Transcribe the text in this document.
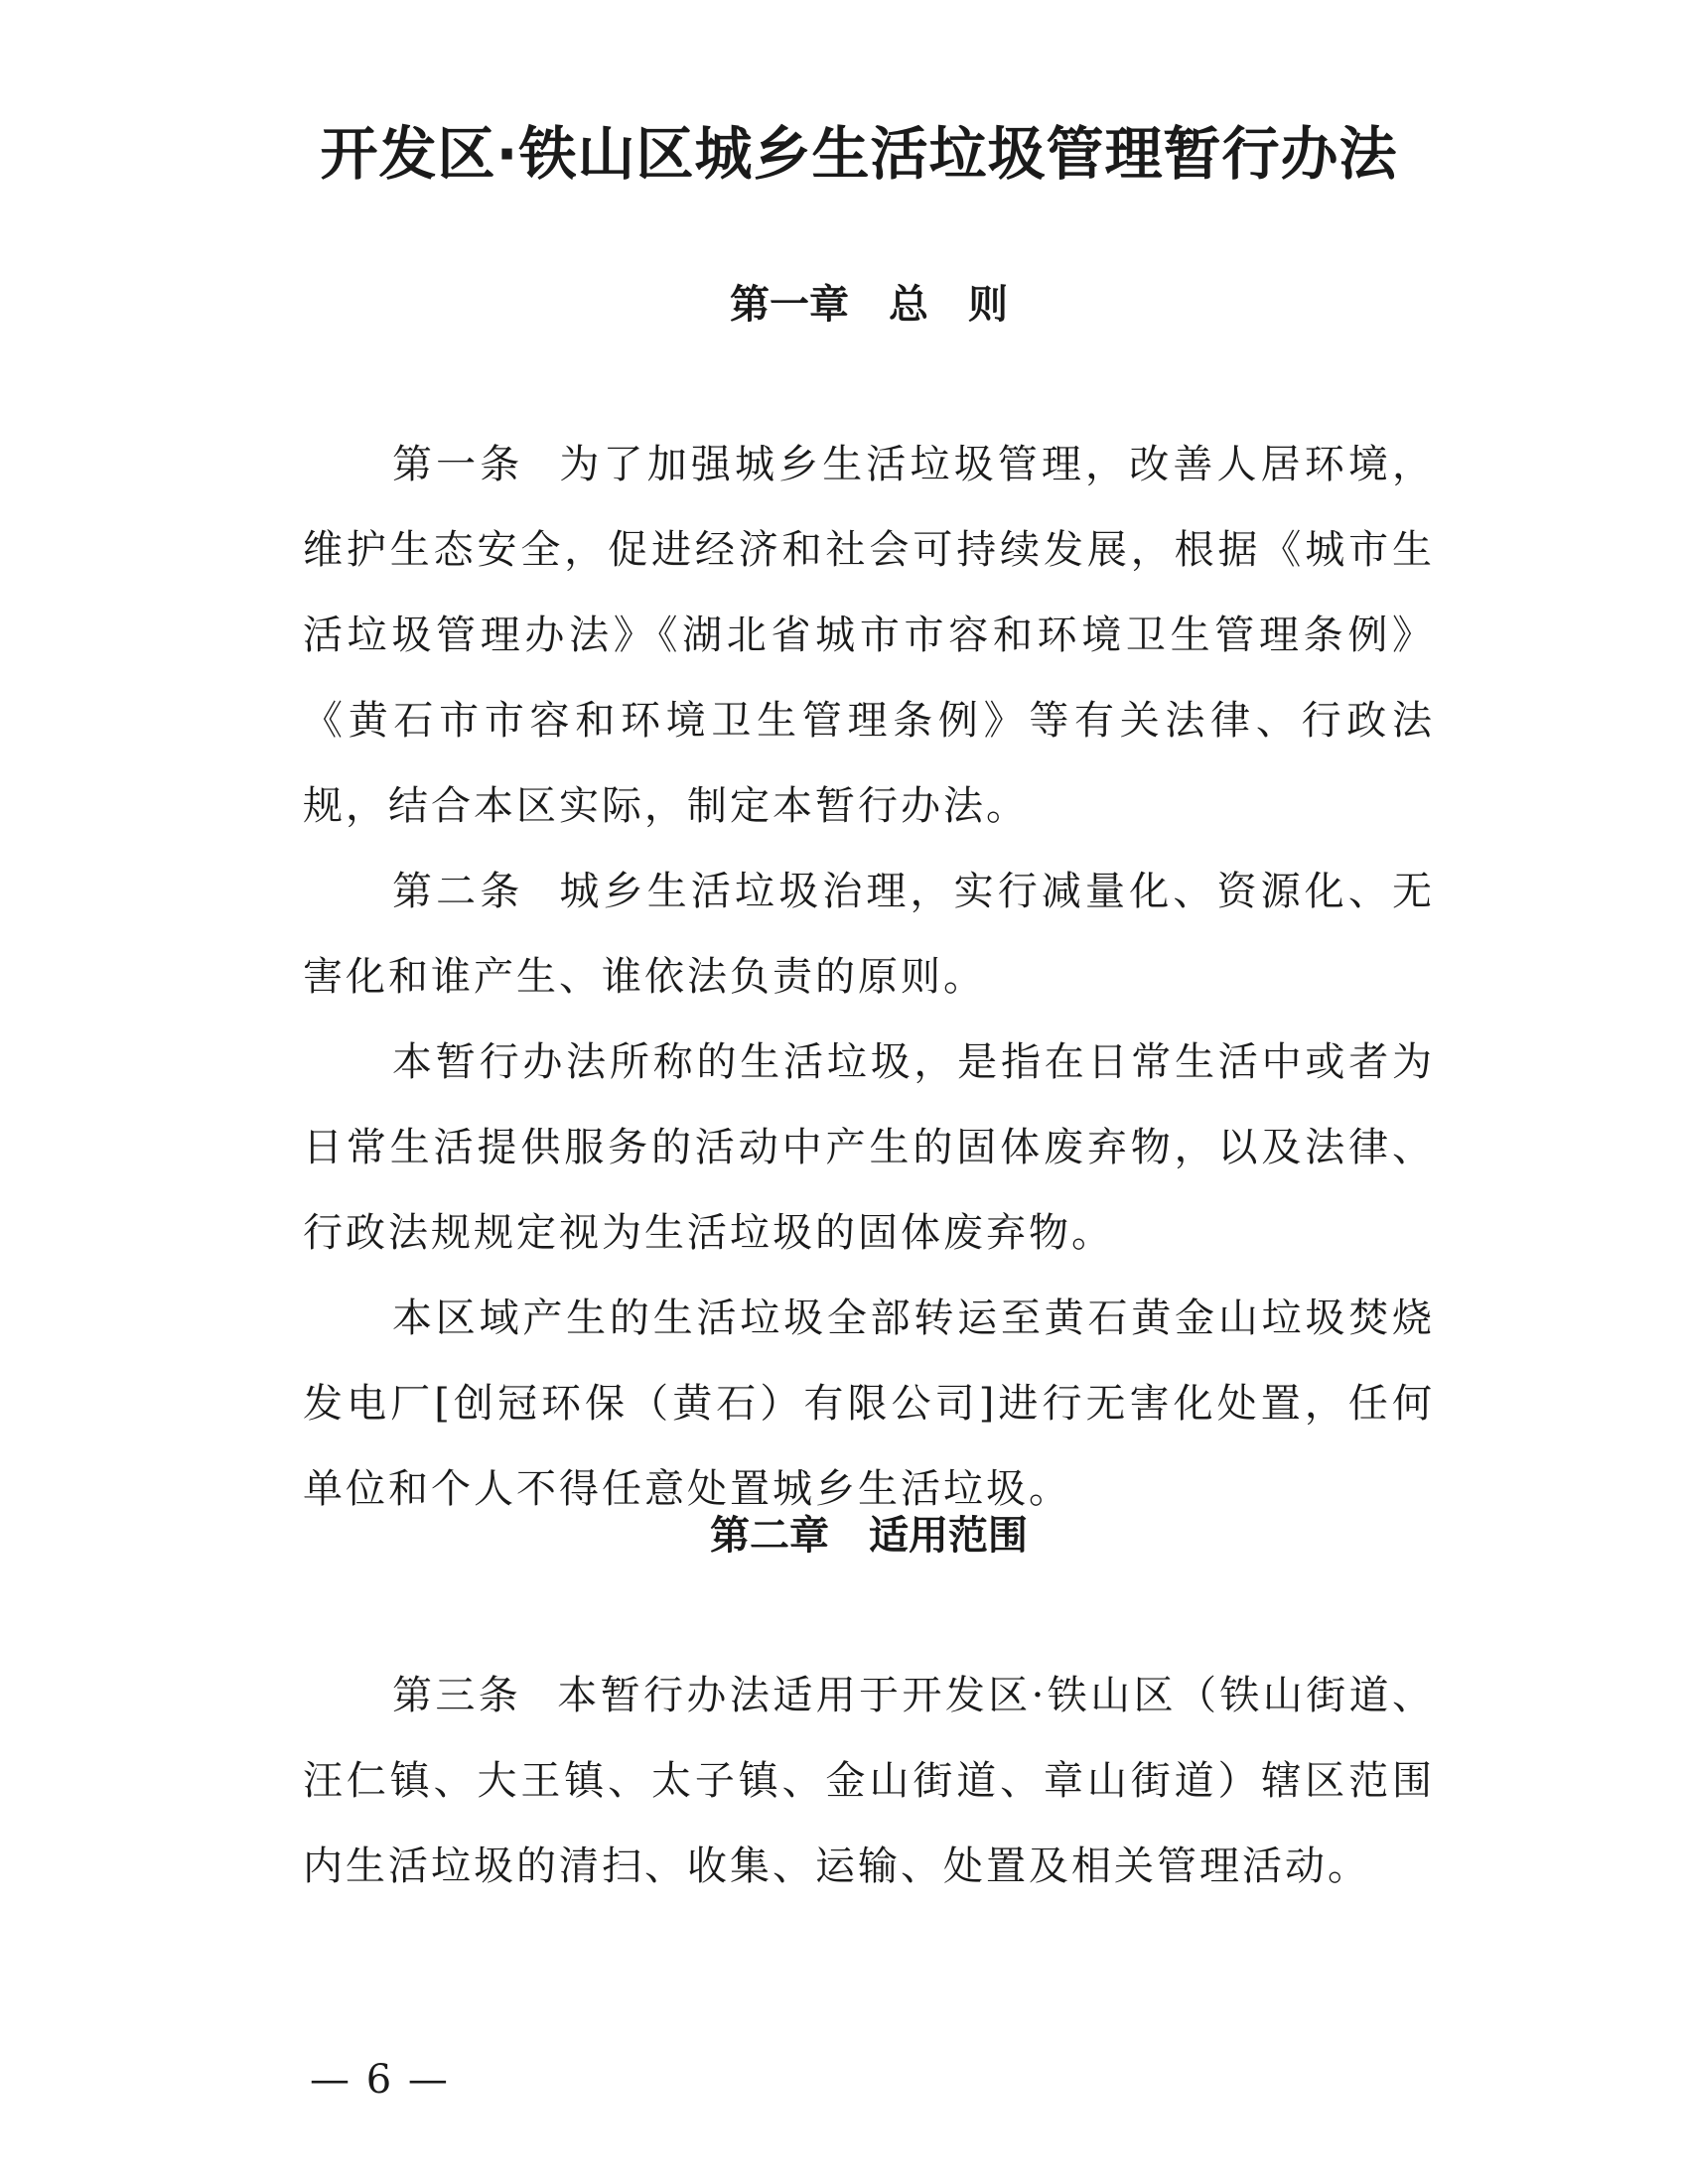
开发区·铁山区城乡生活垃圾管理暂行办法
第一章　总　则

第一条 为了加强城乡生活垃圾管理，改善人居环境，维护生态安全，促进经济和社会可持续发展，根据《城市生活垃圾管理办法》《湖北省城市市容和环境卫生管理条例》《黄石市市容和环境卫生管理条例》等有关法律、行政法规，结合本区实际，制定本暂行办法。

第二条 城乡生活垃圾治理，实行减量化、资源化、无害化和谁产生、谁依法负责的原则。

本暂行办法所称的生活垃圾，是指在日常生活中或者为日常生活提供服务的活动中产生的固体废弃物，以及法律、行政法规规定视为生活垃圾的固体废弃物。

本区域产生的生活垃圾全部转运至黄石黄金山垃圾焚烧发电厂[创冠环保（黄石）有限公司]进行无害化处置，任何单位和个人不得任意处置城乡生活垃圾。

第二章　适用范围

第三条 本暂行办法适用于开发区·铁山区（铁山街道、汪仁镇、大王镇、太子镇、金山街道、章山街道）辖区范围内生活垃圾的清扫、收集、运输、处置及相关管理活动。

— 6 —
